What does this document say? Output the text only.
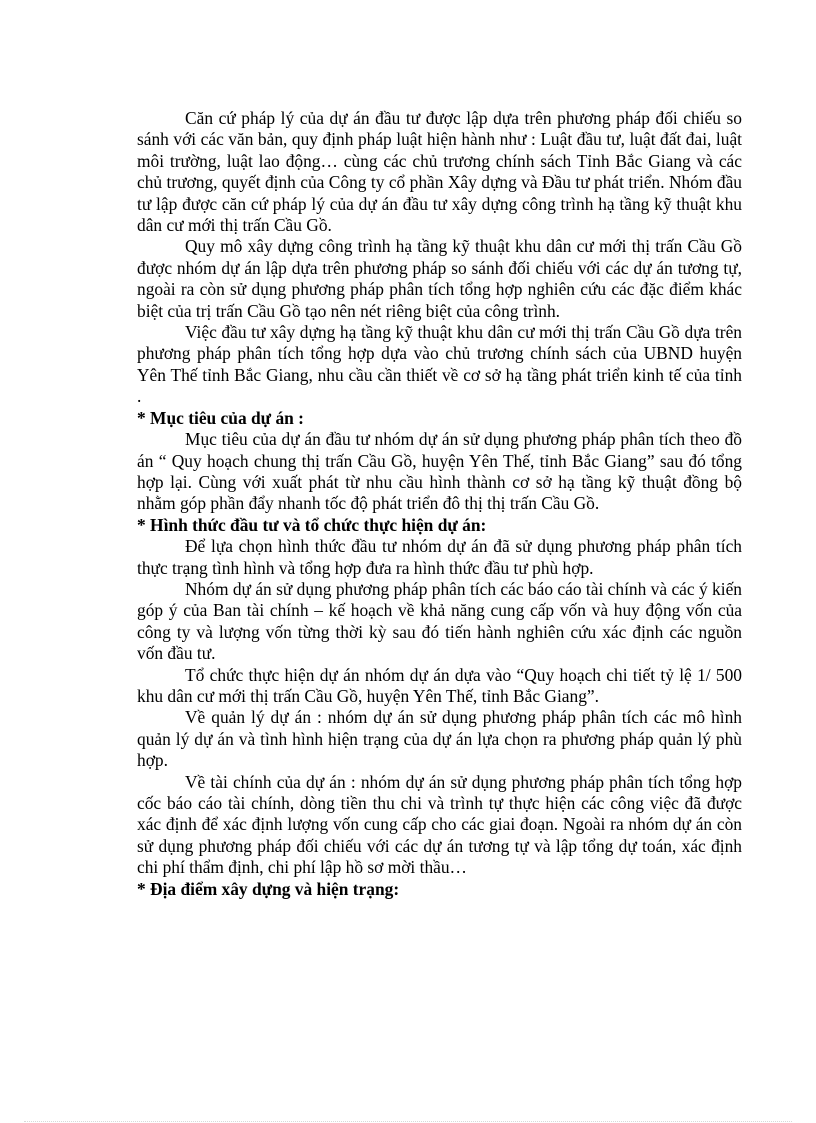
Căn cứ pháp lý của dự án đầu tư được lập dựa trên phương pháp đối chiếu so sánh với các văn bản, quy định pháp luật hiện hành như : Luật đầu tư, luật đất đai, luật môi trường, luật lao động… cùng các chủ trương chính sách Tỉnh Bắc Giang và các chủ trương, quyết định của Công ty cổ phần Xây dựng và Đầu tư phát triển. Nhóm đầu tư lập được căn cứ pháp lý của dự án đầu tư xây dựng công trình hạ tầng kỹ thuật khu dân cư mới thị trấn Cầu Gồ.

Quy mô xây dựng công trình hạ tầng kỹ thuật khu dân cư mới thị trấn Cầu Gồ được nhóm dự án lập dựa trên phương pháp so sánh đối chiếu với các dự án tương tự, ngoài ra còn sử dụng phương pháp phân tích tổng hợp nghiên cứu các đặc điểm khác biệt của trị trấn Cầu Gồ tạo nên nét riêng biệt của công trình.

Việc đầu tư xây dựng hạ tầng kỹ thuật khu dân cư mới thị trấn Cầu Gồ dựa trên phương pháp phân tích tổng hợp dựa vào chủ trương chính sách của UBND huyện Yên Thế tỉnh Bắc Giang, nhu cầu cần thiết về cơ sở hạ tầng phát triển kinh tế của tỉnh .

* Mục tiêu của dự án :

Mục tiêu của dự án đầu tư nhóm dự án sử dụng phương pháp phân tích theo đồ án “ Quy hoạch chung thị trấn Cầu Gồ, huyện Yên Thế, tỉnh Bắc Giang” sau đó tổng hợp lại. Cùng với xuất phát từ nhu cầu hình thành cơ sở hạ tầng kỹ thuật đồng bộ nhằm góp phần đẩy nhanh tốc độ phát triển đô thị thị trấn Cầu Gồ.

* Hình thức đầu tư và tổ chức thực hiện dự án:

Để lựa chọn hình thức đầu tư nhóm dự án đã sử dụng phương pháp phân tích thực trạng tình hình và tổng hợp đưa ra hình thức đầu tư phù hợp.

Nhóm dự án sử dụng phương pháp phân tích các báo cáo tài chính và các ý kiến góp ý của Ban tài chính – kế hoạch về khả năng cung cấp vốn và huy động vốn của công ty và lượng vốn từng thời kỳ sau đó tiến hành nghiên cứu xác định các nguồn vốn đầu tư.

Tổ chức thực hiện dự án nhóm dự án dựa vào “Quy hoạch chi tiết tỷ lệ 1/ 500 khu dân cư mới thị trấn Cầu Gồ, huyện Yên Thế, tỉnh Bắc Giang”.

Về quản lý dự án : nhóm dự án sử dụng phương pháp phân tích các mô hình quản lý dự án và tình hình hiện trạng của dự án lựa chọn ra phương pháp quản lý phù hợp.

Về tài chính của dự án : nhóm dự án sử dụng phương pháp phân tích tổng hợp cốc báo cáo tài chính, dòng tiền thu chi và trình tự thực hiện các công việc đã được xác định để xác định lượng vốn cung cấp cho các giai đoạn. Ngoài ra nhóm dự án còn sử dụng phương pháp đối chiếu với các dự án tương tự và lập tổng dự toán, xác định chi phí thẩm định, chi phí lập hồ sơ mời thầu…

* Địa điểm xây dựng và hiện trạng:
